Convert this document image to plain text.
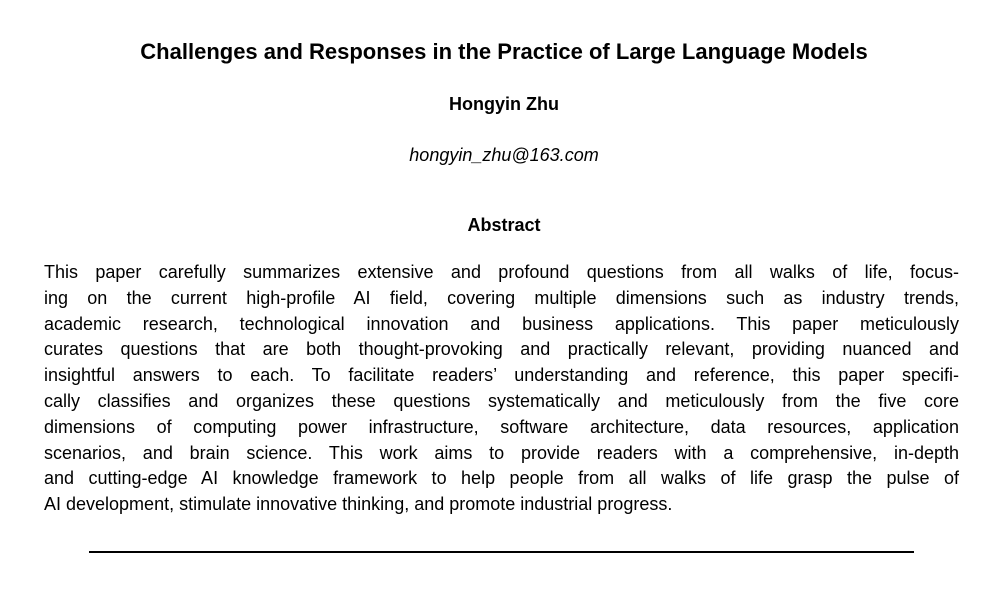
Challenges and Responses in the Practice of Large Language Models
Hongyin Zhu
hongyin_zhu@163.com
Abstract

This paper carefully summarizes extensive and profound questions from all walks of life, focus-
ing on the current high-profile AI field, covering multiple dimensions such as industry trends,
academic research, technological innovation and business applications. This paper meticulously
curates questions that are both thought-provoking and practically relevant, providing nuanced and
insightful answers to each. To facilitate readers’ understanding and reference, this paper specifi-
cally classifies and organizes these questions systematically and meticulously from the five core
dimensions of computing power infrastructure, software architecture, data resources, application
scenarios, and brain science. This work aims to provide readers with a comprehensive, in-depth
and cutting-edge AI knowledge framework to help people from all walks of life grasp the pulse of
AI development, stimulate innovative thinking, and promote industrial progress.
